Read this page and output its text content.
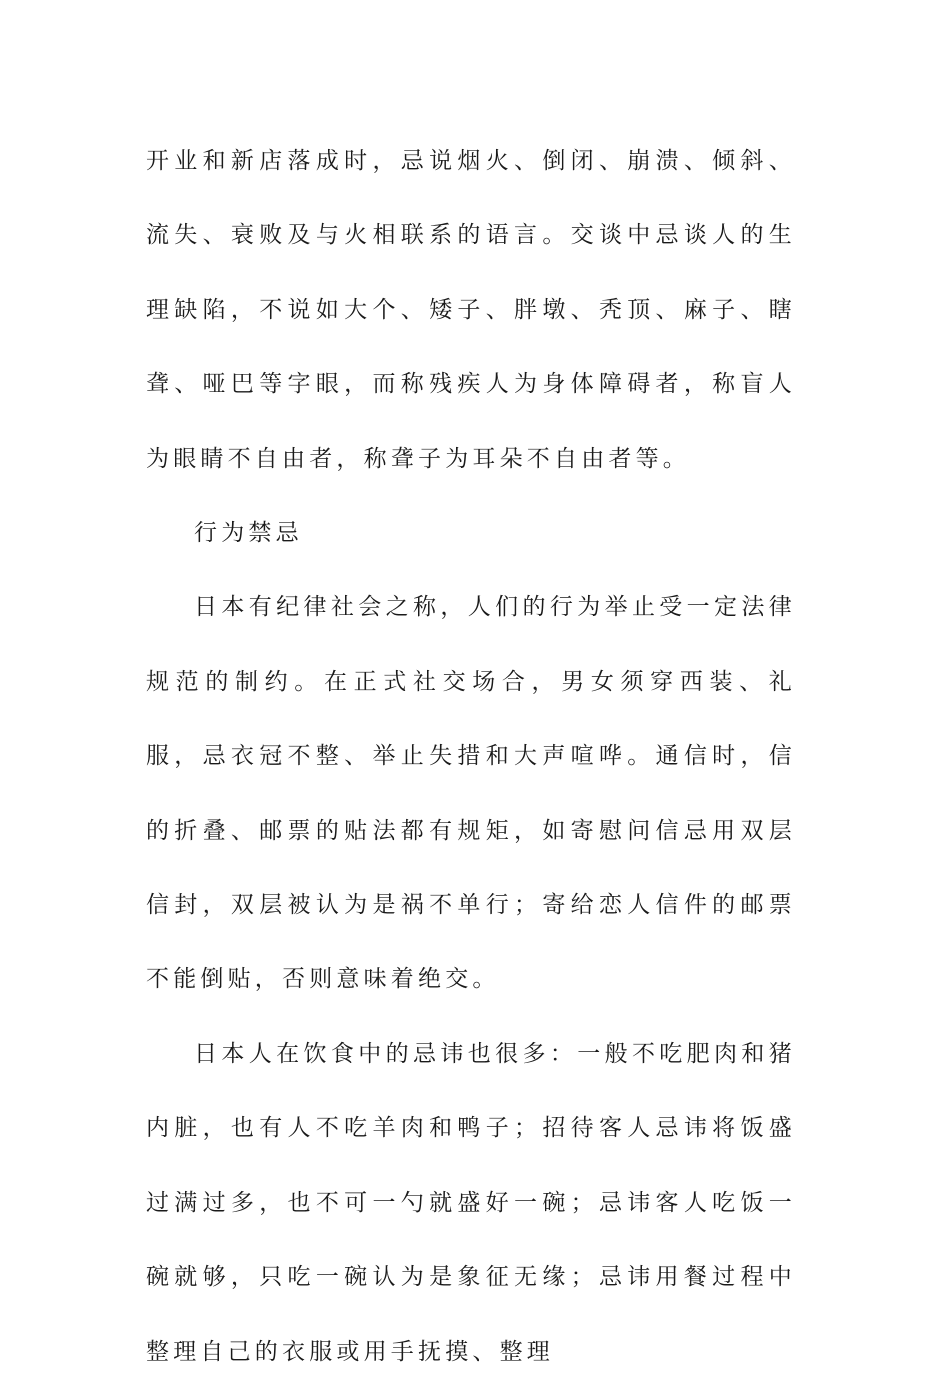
开业和新店落成时，忌说烟火、倒闭、崩溃、倾斜、流失、衰败及与火相联系的语言。交谈中忌谈人的生理缺陷，不说如大个、矮子、胖墩、秃顶、麻子、瞎聋、哑巴等字眼，而称残疾人为身体障碍者，称盲人为眼睛不自由者，称聋子为耳朵不自由者等。

行为禁忌

日本有纪律社会之称，人们的行为举止受一定法律规范的制约。在正式社交场合，男女须穿西装、礼服，忌衣冠不整、举止失措和大声喧哗。通信时，信的折叠、邮票的贴法都有规矩，如寄慰问信忌用双层信封，双层被认为是祸不单行；寄给恋人信件的邮票不能倒贴，否则意味着绝交。

日本人在饮食中的忌讳也很多：一般不吃肥肉和猪内脏，也有人不吃羊肉和鸭子；招待客人忌讳将饭盛过满过多，也不可一勺就盛好一碗；忌讳客人吃饭一碗就够，只吃一碗认为是象征无缘；忌讳用餐过程中整理自己的衣服或用手抚摸、整理
